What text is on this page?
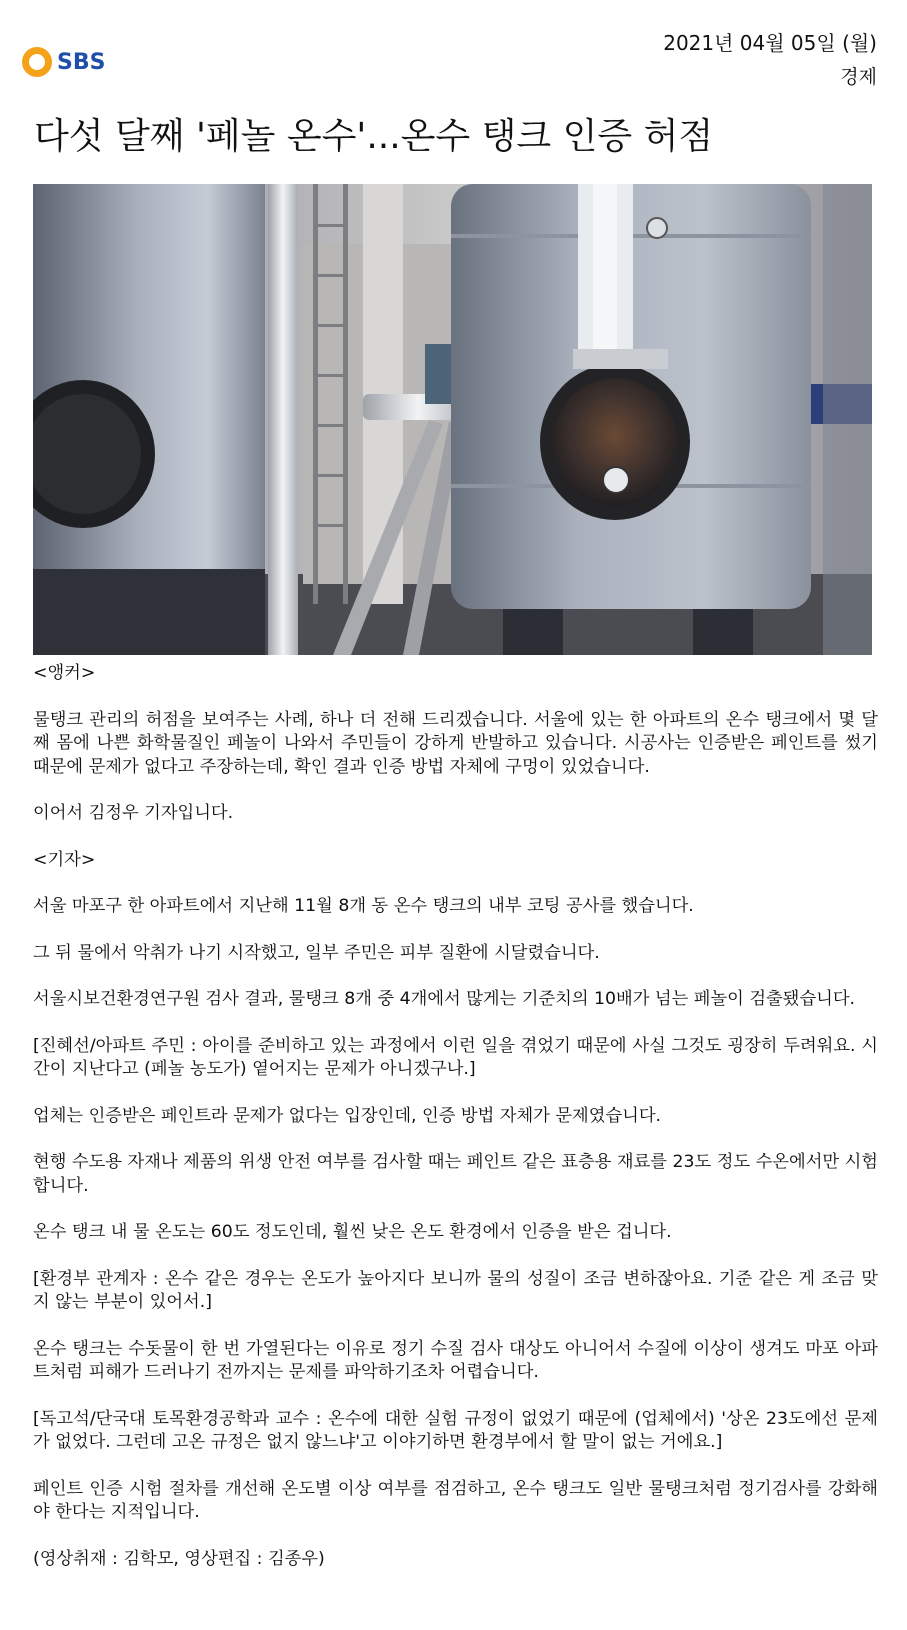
SBS
2021년 04월 05일 (월)
경제
다섯 달째 '페놀 온수'...온수 탱크 인증 허점

<앵커>

물탱크 관리의 허점을 보여주는 사례, 하나 더 전해 드리겠습니다. 서울에 있는 한 아파트의 온수 탱크에서 몇 달째 몸에 나쁜 화학물질인 페놀이 나와서 주민들이 강하게 반발하고 있습니다. 시공사는 인증받은 페인트를 썼기 때문에 문제가 없다고 주장하는데, 확인 결과 인증 방법 자체에 구멍이 있었습니다.

이어서 김정우 기자입니다.

<기자>

서울 마포구 한 아파트에서 지난해 11월 8개 동 온수 탱크의 내부 코팅 공사를 했습니다.

그 뒤 물에서 악취가 나기 시작했고, 일부 주민은 피부 질환에 시달렸습니다.

서울시보건환경연구원 검사 결과, 물탱크 8개 중 4개에서 많게는 기준치의 10배가 넘는 페놀이 검출됐습니다.

[진혜선/아파트 주민 : 아이를 준비하고 있는 과정에서 이런 일을 겪었기 때문에 사실 그것도 굉장히 두려워요. 시간이 지난다고 (페놀 농도가) 옅어지는 문제가 아니겠구나.]

업체는 인증받은 페인트라 문제가 없다는 입장인데, 인증 방법 자체가 문제였습니다.

현행 수도용 자재나 제품의 위생 안전 여부를 검사할 때는 페인트 같은 표층용 재료를 23도 정도 수온에서만 시험합니다.

온수 탱크 내 물 온도는 60도 정도인데, 훨씬 낮은 온도 환경에서 인증을 받은 겁니다.

[환경부 관계자 : 온수 같은 경우는 온도가 높아지다 보니까 물의 성질이 조금 변하잖아요. 기준 같은 게 조금 맞지 않는 부분이 있어서.]

온수 탱크는 수돗물이 한 번 가열된다는 이유로 정기 수질 검사 대상도 아니어서 수질에 이상이 생겨도 마포 아파트처럼 피해가 드러나기 전까지는 문제를 파악하기조차 어렵습니다.

[독고석/단국대 토목환경공학과 교수 : 온수에 대한 실험 규정이 없었기 때문에 (업체에서) '상온 23도에선 문제가 없었다. 그런데 고온 규정은 없지 않느냐'고 이야기하면 환경부에서 할 말이 없는 거에요.]

페인트 인증 시험 절차를 개선해 온도별 이상 여부를 점검하고, 온수 탱크도 일반 물탱크처럼 정기검사를 강화해야 한다는 지적입니다.

(영상취재 : 김학모, 영상편집 : 김종우)
